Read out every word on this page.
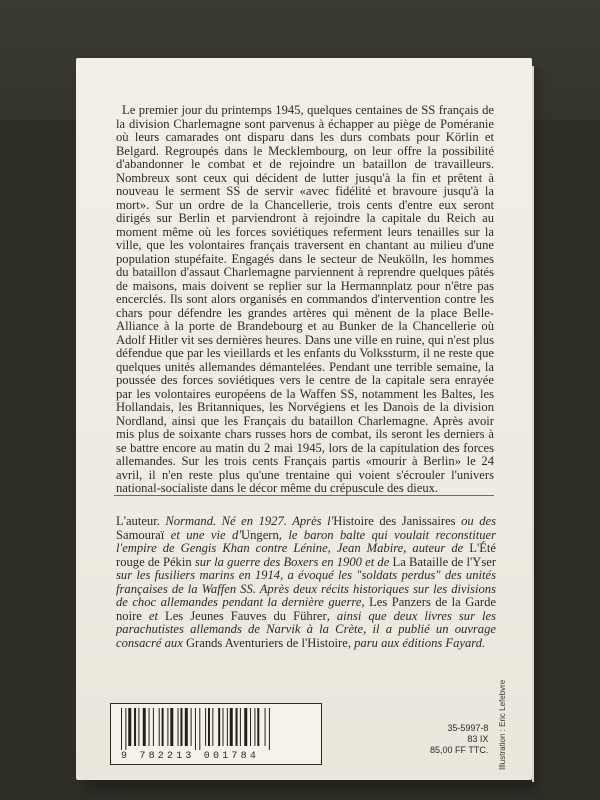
Le premier jour du printemps 1945, quelques centaines de SS français de la division Charlemagne sont parvenus à échapper au piège de Poméranie où leurs camarades ont disparu dans les durs combats pour Körlin et Belgard. Regroupés dans le Mecklembourg, on leur offre la possibilité d'abandonner le combat et de rejoindre un bataillon de travailleurs. Nombreux sont ceux qui décident de lutter jusqu'à la fin et prêtent à nouveau le serment SS de servir «avec fidélité et bravoure jusqu'à la mort». Sur un ordre de la Chancellerie, trois cents d'entre eux seront dirigés sur Berlin et parviendront à rejoindre la capitale du Reich au moment même où les forces soviétiques referment leurs tenailles sur la ville, que les volontaires français traversent en chantant au milieu d'une population stupéfaite. Engagés dans le secteur de Neukölln, les hommes du bataillon d'assaut Charlemagne parviennent à reprendre quelques pâtés de maisons, mais doivent se replier sur la Hermannplatz pour n'être pas encerclés. Ils sont alors organisés en commandos d'intervention contre les chars pour défendre les grandes artères qui mènent de la place Belle-Alliance à la porte de Brandebourg et au Bunker de la Chancellerie où Adolf Hitler vit ses dernières heures. Dans une ville en ruine, qui n'est plus défendue que par les vieillards et les enfants du Volkssturm, il ne reste que quelques unités allemandes démantelées. Pendant une terrible semaine, la poussée des forces soviétiques vers le centre de la capitale sera enrayée par les volontaires européens de la Waffen SS, notamment les Baltes, les Hollandais, les Britanniques, les Norvégiens et les Danois de la division Nordland, ainsi que les Français du bataillon Charlemagne. Après avoir mis plus de soixante chars russes hors de combat, ils seront les derniers à se battre encore au matin du 2 mai 1945, lors de la capitulation des forces allemandes. Sur les trois cents Français partis «mourir à Berlin» le 24 avril, il n'en reste plus qu'une trentaine qui voient s'écrouler l'univers national-socialiste dans le décor même du crépuscule des dieux.

L'auteur. Normand. Né en 1927. Après l'Histoire des Janissaires ou des Samouraï et une vie d'Ungern, le baron balte qui voulait reconstituer l'empire de Gengis Khan contre Lénine, Jean Mabire, auteur de L'Été rouge de Pékin sur la guerre des Boxers en 1900 et de La Bataille de l'Yser sur les fusiliers marins en 1914, a évoqué les "soldats perdus" des unités françaises de la Waffen SS. Après deux récits historiques sur les divisions de choc allemandes pendant la dernière guerre, Les Panzers de la Garde noire et Les Jeunes Fauves du Führer, ainsi que deux livres sur les parachutistes allemands de Narvik à la Crète, il a publié un ouvrage consacré aux Grands Aventuriers de l'Histoire, paru aux éditions Fayard.

9 782213 001784
35-5997-8
83 IX
85,00 FF TTC. Illustration : Eric Lefebvre
